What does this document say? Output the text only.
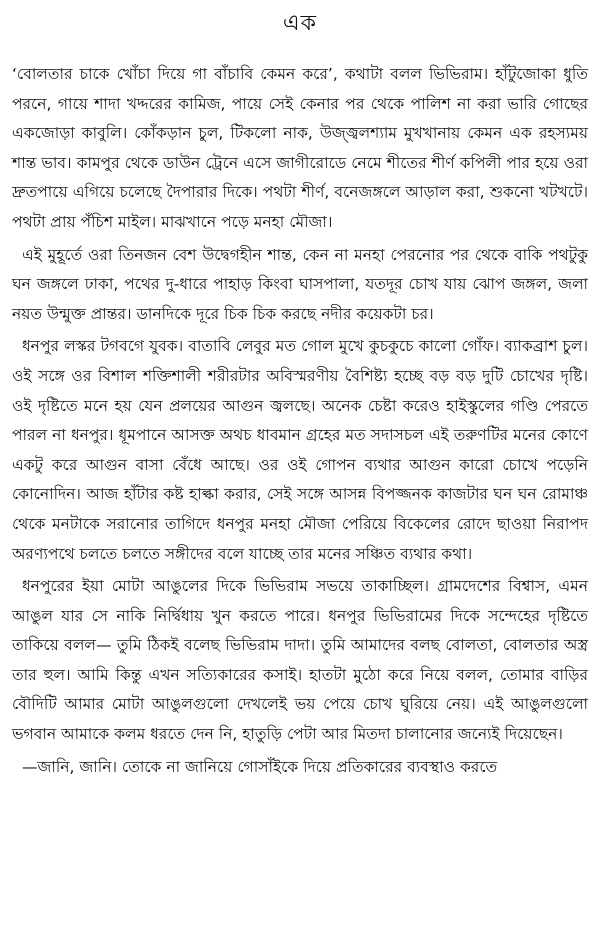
এক

‘বোলতার চাকে খোঁচা দিয়ে গা বাঁচাবি কেমন করে’, কথাটা বলল ভিভিরাম। হাঁটুজোকা ধুতি পরনে, গায়ে শাদা খদ্দরের কামিজ, পায়ে সেই কেনার পর থেকে পালিশ না করা ভারি গোছের একজোড়া কাবুলি। কোঁকড়ান চুল, টিকলো নাক, উজ্জ্বলশ্যাম মুখখানায় কেমন এক রহস্যময় শান্ত ভাব। কামপুর থেকে ডাউন ট্রেনে এসে জাগীরোডে নেমে শীতের শীর্ণ কপিলী পার হয়ে ওরা দ্রুতপায়ে এগিয়ে চলেছে দৈপারার দিকে। পথটা শীর্ণ, বনেজঙ্গলে আড়াল করা, শুকনো খটখটে। পথটা প্রায় পঁচিশ মাইল। মাঝখানে পড়ে মনহা মৌজা।

এই মুহূর্তে ওরা তিনজন বেশ উদ্বেগহীন শান্ত, কেন না মনহা পেরনোর পর থেকে বাকি পথটুকু ঘন জঙ্গলে ঢাকা, পথের দু-ধারে পাহাড় কিংবা ঘাসপালা, যতদূর চোখ যায় ঝোপ জঙ্গল, জলা নয়ত উন্মুক্ত প্রান্তর। ডানদিকে দূরে চিক চিক করছে নদীর কয়েকটা চর।

ধনপুর লস্কর টগবগে যুবক। বাতাবি লেবুর মত গোল মুখে কুচকুচে কালো গোঁফ। ব্যাকব্রাশ চুল। ওই সঙ্গে ওর বিশাল শক্তিশালী শরীরটার অবিস্মরণীয় বৈশিষ্ট্য হচ্ছে বড় বড় দুটি চোখের দৃষ্টি। ওই দৃষ্টিতে মনে হয় যেন প্রলয়ের আগুন জ্বলছে। অনেক চেষ্টা করেও হাইস্কুলের গণ্ডি পেরতে পারল না ধনপুর। ধূমপানে আসক্ত অথচ ধাবমান গ্রহের মত সদাসচল এই তরুণটির মনের কোণে একটু করে আগুন বাসা বেঁধে আছে। ওর ওই গোপন ব্যথার আগুন কারো চোখে পড়েনি কোনোদিন। আজ হাঁটার কষ্ট হাল্কা করার, সেই সঙ্গে আসন্ন বিপজ্জনক কাজটার ঘন ঘন রোমাঞ্চ থেকে মনটাকে সরানোর তাগিদে ধনপুর মনহা মৌজা পেরিয়ে বিকেলের রোদে ছাওয়া নিরাপদ অরণ্যপথে চলতে চলতে সঙ্গীদের বলে যাচ্ছে তার মনের সঞ্চিত ব্যথার কথা।

ধনপুরের ইয়া মোটা আঙুলের দিকে ভিভিরাম সভয়ে তাকাচ্ছিল। গ্রামদেশের বিশ্বাস, এমন আঙুল যার সে নাকি নির্দ্বিধায় খুন করতে পারে। ধনপুর ভিভিরামের দিকে সন্দেহের দৃষ্টিতে তাকিয়ে বলল— তুমি ঠিকই বলেছ ভিভিরাম দাদা। তুমি আমাদের বলছ বোলতা, বোলতার অস্ত্র তার হুল। আমি কিন্তু এখন সত্যিকারের কসাই। হাতটা মুঠো করে নিয়ে বলল, তোমার বাড়ির বৌদিটি আমার মোটা আঙুলগুলো দেখলেই ভয় পেয়ে চোখ ঘুরিয়ে নেয়। এই আঙুলগুলো ভগবান আমাকে কলম ধরতে দেন নি, হাতুড়ি পেটা আর মিতদা চালানোর জন্যেই দিয়েছেন।

—জানি, জানি। তোকে না জানিয়ে গোসাঁইকে দিয়ে প্রতিকারের ব্যবস্থাও করতে
